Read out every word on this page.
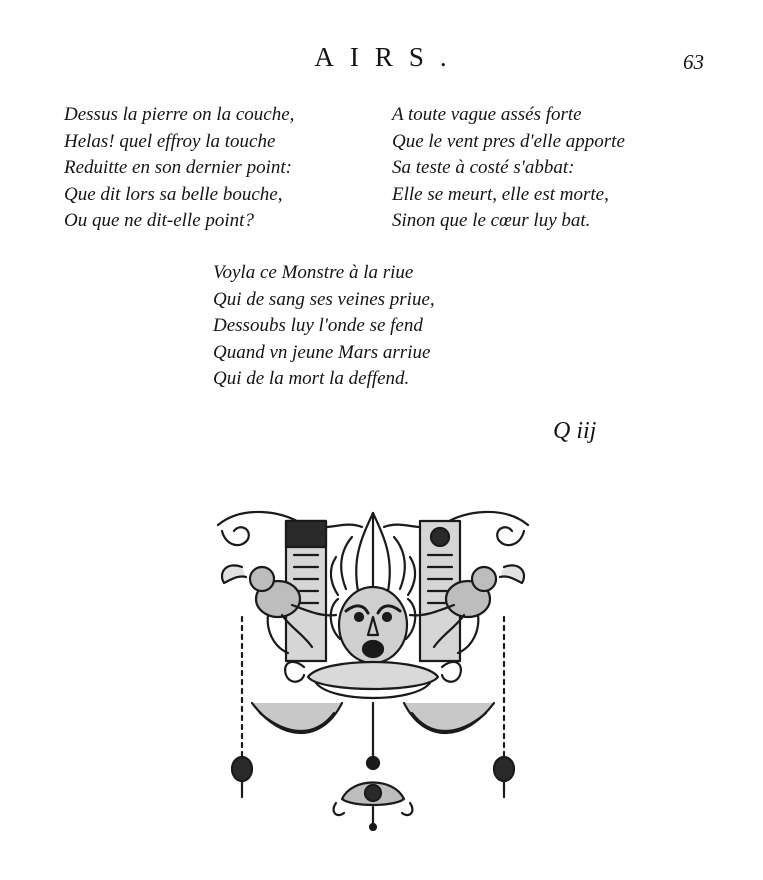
AIRS.	63
Dessus la pierre on la couche,
Helas! quel effroy la touche
Reduitte en son dernier point:
Que dit lors sa belle bouche,
Ou que ne dit-elle point?
A toute vague assés forte
Que le vent pres d'elle apporte
Sa teste à costé s'abbat:
Elle se meurt, elle est morte,
Sinon que le cœur luy bat.
Voyla ce Monstre à la riue
Qui de sang ses veines priue,
Dessoubs luy l'onde se fend
Quand vn jeune Mars arriue
Qui de la mort la deffend.
Q iij
